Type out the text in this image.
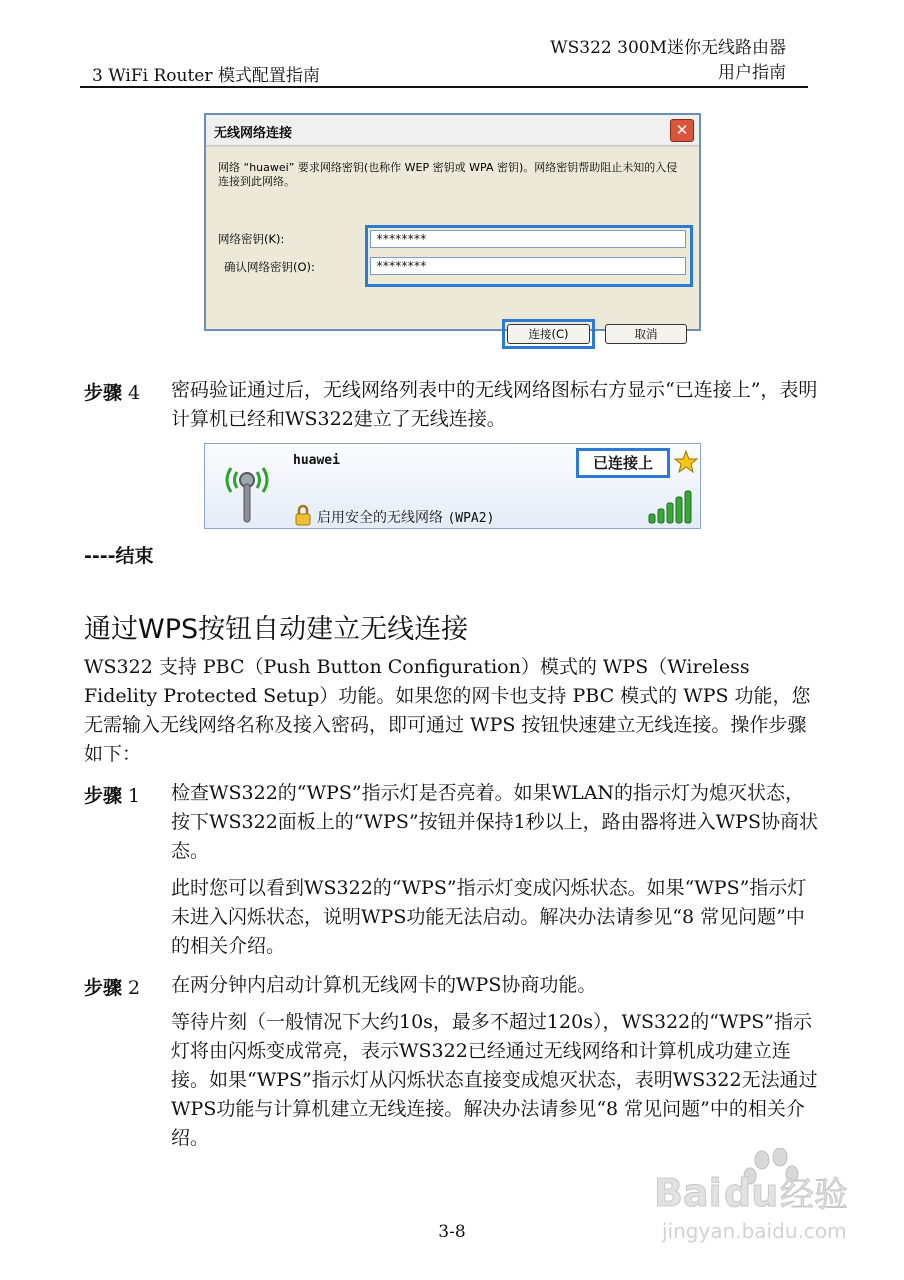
WS322 300M迷你无线路由器
用户指南
3 WiFi Router 模式配置指南
无线网络连接	✕
网络 “huawei” 要求网络密钥(也称作 WEP 密钥或 WPA 密钥)。网络密钥帮助阻止未知的入侵连接到此网络。
网络密钥(K):
确认网络密钥(O):
********
********
连接(C)	取消
步骤 4 密码验证通过后，无线网络列表中的无线网络图标右方显示“已连接上”，表明计算机已经和WS322建立了无线连接。

huawei	已连接上
启用安全的无线网络 (WPA2)
----结束
通过WPS按钮自动建立无线连接

WS322 支持 PBC（Push Button Configuration）模式的 WPS（Wireless Fidelity Protected Setup）功能。如果您的网卡也支持 PBC 模式的 WPS 功能，您无需输入无线网络名称及接入密码，即可通过 WPS 按钮快速建立无线连接。操作步骤如下：

步骤 1 检查WS322的“WPS”指示灯是否亮着。如果WLAN的指示灯为熄灭状态，按下WS322面板上的“WPS”按钮并保持1秒以上，路由器将进入WPS协商状态。

此时您可以看到WS322的“WPS”指示灯变成闪烁状态。如果“WPS”指示灯未进入闪烁状态，说明WPS功能无法启动。解决办法请参见“8 常见问题”中的相关介绍。

步骤 2 在两分钟内启动计算机无线网卡的WPS协商功能。

等待片刻（一般情况下大约10s，最多不超过120s），WS322的“WPS”指示灯将由闪烁变成常亮，表示WS322已经通过无线网络和计算机成功建立连接。如果“WPS”指示灯从闪烁状态直接变成熄灭状态，表明WS322无法通过WPS功能与计算机建立无线连接。解决办法请参见“8 常见问题”中的相关介绍。

3-8
Bai du 经验
jingyan.baidu.com
